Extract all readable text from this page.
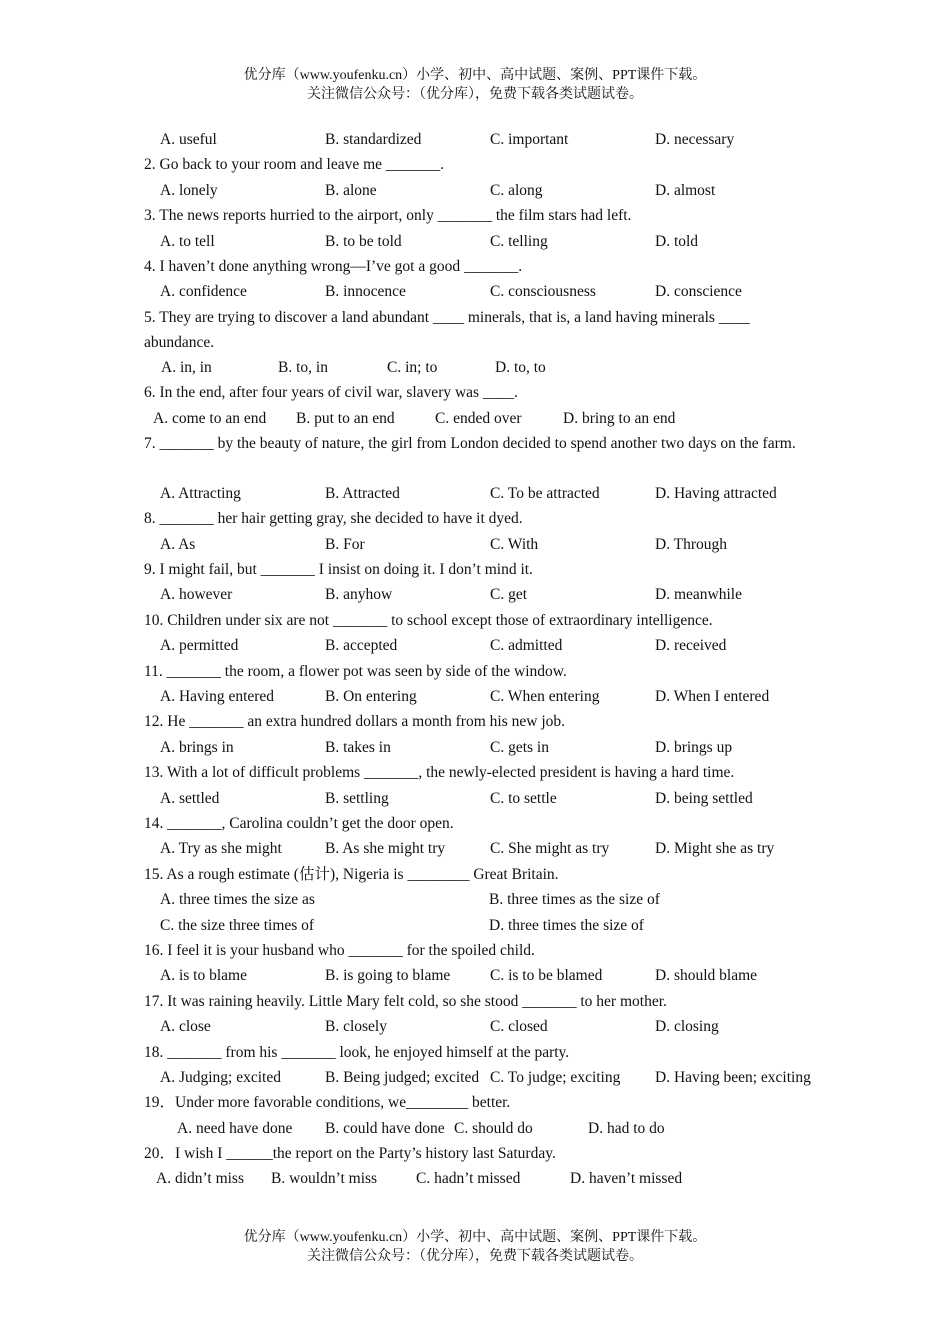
优分库（www.youfenku.cn）小学、初中、高中试题、案例、PPT课件下载。
关注微信公众号：（优分库），免费下载各类试题试卷。
A. useful	B. standardized	C. important	D. necessary
2. Go back to your room and leave me _______.
A. lonely	B. alone	C. along	D. almost
3. The news reports hurried to the airport, only _______ the film stars had left.
A. to tell	B. to be told	C. telling	D. told
4. I haven’t done anything wrong—I’ve got a good _______.
A. confidence	B. innocence	C. consciousness	D. conscience
5. They are trying to discover a land abundant ____ minerals, that is, a land having minerals ____ abundance.
A. in, in	B. to, in	C. in; to	D. to, to
6. In the end, after four years of civil war, slavery was ____.
A. come to an end B. put to an end	C. ended over	D. bring to an end
7. _______ by the beauty of nature, the girl from London decided to spend another two days on the farm.
A. Attracting	B. Attracted	C. To be attracted	D. Having attracted
8. _______ her hair getting gray, she decided to have it dyed.
A. As	B. For	C. With	D. Through
9. I might fail, but _______ I insist on doing it. I don’t mind it.
A. however	B. anyhow	C. get	D. meanwhile
10. Children under six are not _______ to school except those of extraordinary intelligence.
A. permitted	B. accepted	C. admitted	D. received
11. _______ the room, a flower pot was seen by side of the window.
A. Having entered	B. On entering	C. When entering	D. When I entered
12. He _______ an extra hundred dollars a month from his new job.
A. brings in	B. takes in	C. gets in	D. brings up
13. With a lot of difficult problems _______, the newly-elected president is having a hard time.
A. settled	B. settling	C. to settle	D. being settled
14. _______, Carolina couldn’t get the door open.
A. Try as she might	B. As she might try	C. She might as try	D. Might she as try
15. As a rough estimate (估计), Nigeria is ________ Great Britain.
A. three times the size as	B. three times as the size of
C. the size three times of	D. three times the size of
16. I feel it is your husband who _______ for the spoiled child.
A. is to blame	B. is going to blame	C. is to be blamed	D. should blame
17. It was raining heavily. Little Mary felt cold, so she stood _______ to her mother.
A. close	B. closely	C. closed	D. closing
18. _______ from his _______ look, he enjoyed himself at the party.
A. Judging; excited	B. Being judged; excited C. To judge; exciting D. Having been; exciting
19．Under more favorable conditions, we________ better.
A. need have done B. could have done C. should do	D. had to do
20．I wish I ______the report on the Party’s history last Saturday.
A. didn’t miss B. wouldn’t miss	C. hadn’t missed	D. haven’t missed
优分库（www.youfenku.cn）小学、初中、高中试题、案例、PPT课件下载。
关注微信公众号：（优分库），免费下载各类试题试卷。
